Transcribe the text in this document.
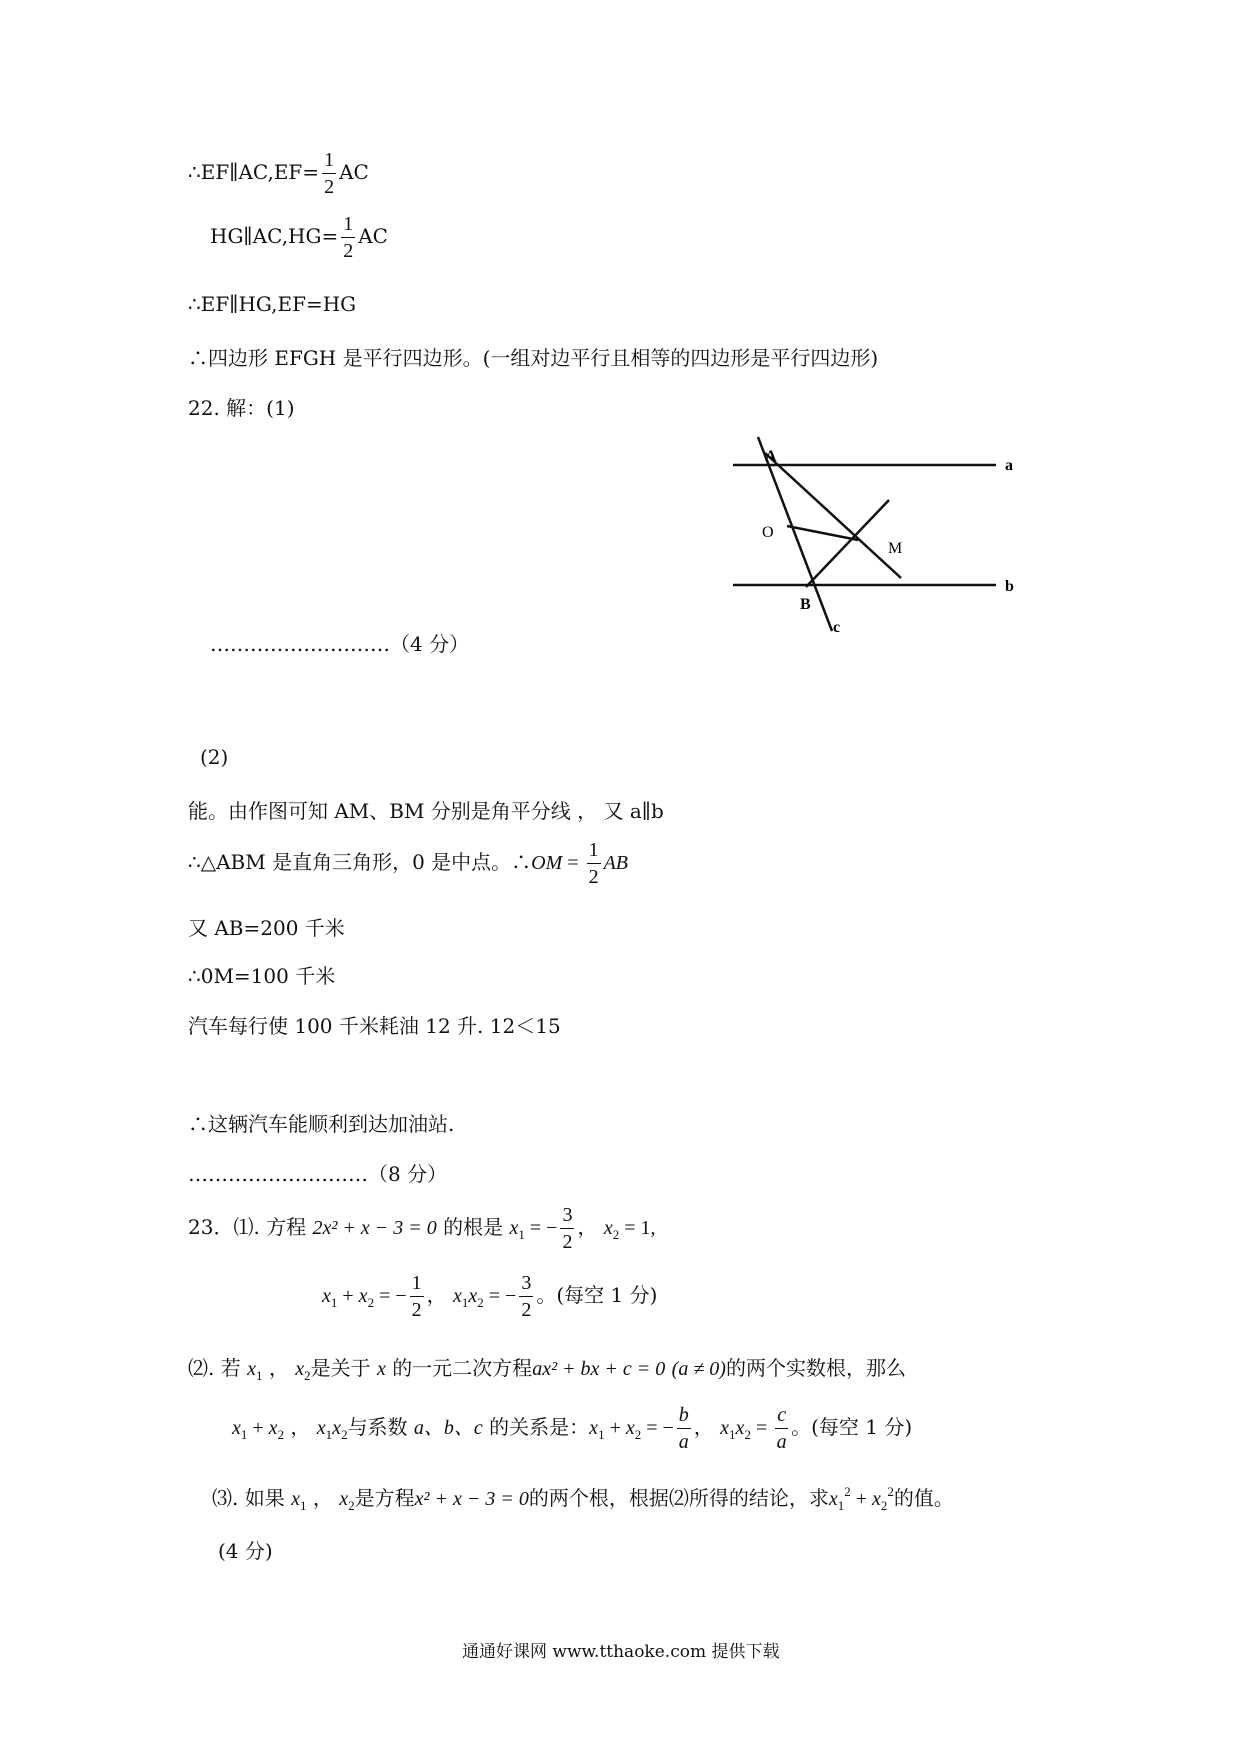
∴EF∥AC,EF= $\frac{1}{2}$ AC
HG∥AC,HG= $\frac{1}{2}$ AC
∴EF∥HG,EF=HG
∴四边形 EFGH 是平行四边形。(一组对边平行且相等的四边形是平行四边形)
22. 解：(1)
A
a
O
M
b
B
c
………………………（4 分）
(2)
能。由作图可知 AM、BM 分别是角平分线 ， 又 a∥b
∴△ABM 是直角三角形，0 是中点。∴OM = $\frac{1}{2}$ AB
又 AB=200 千米
∴0M=100 千米
汽车每行使 100 千米耗油 12 升. 12＜15
∴这辆汽车能顺利到达加油站.
………………………（8 分）
23．⑴. 方程 2x² + x − 3 = 0 的根是 $x_1$ = − $\frac{3}{2}$ ， $x_2 = 1$,
$x_1 + x_2$ = − $\frac{1}{2}$ ， $x_1x_2$ = − $\frac{3}{2}$ 。(每空 1 分)
⑵. 若 $x_1$ ， $x_2$是关于 x 的一元二次方程ax² + bx + c = 0 (a ≠ 0)的两个实数根，那么
$x_1 + x_2$ ， $x_1x_2$与系数 a、b、c 的关系是：$x_1 + x_2$ = − $\frac{b}{a}$ ， $x_1x_2 = \frac{c}{a}$ 。(每空 1 分)
⑶. 如果 $x_1$ ， $x_2$是方程x² + x − 3 = 0的两个根，根据⑵所得的结论，求$x_1^2 + x_2^2$的值。
(4 分)
通通好课网 www.tthaoke.com 提供下载
